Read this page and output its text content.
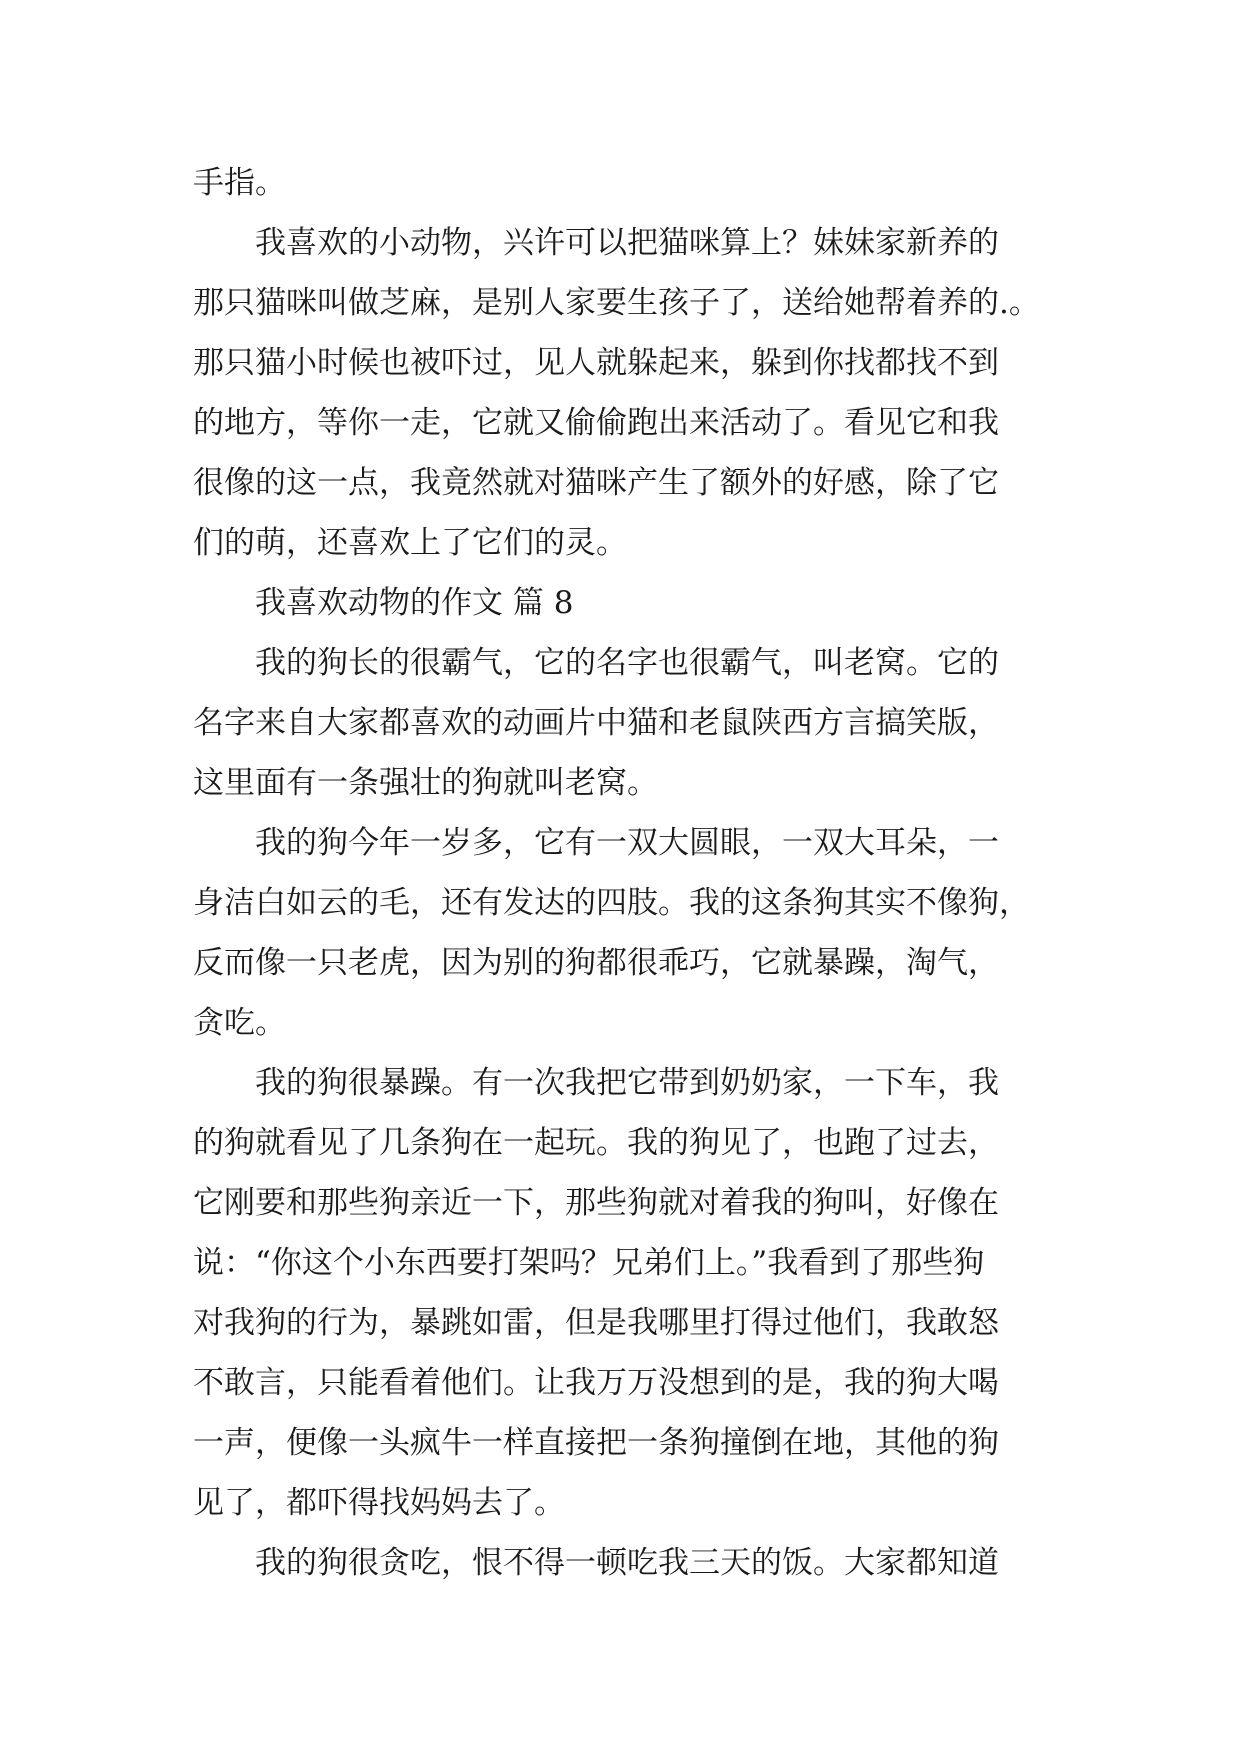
手指。
我喜欢的小动物，兴许可以把猫咪算上？妹妹家新养的
那只猫咪叫做芝麻，是别人家要生孩子了，送给她帮着养的.。
那只猫小时候也被吓过，见人就躲起来，躲到你找都找不到
的地方，等你一走，它就又偷偷跑出来活动了。看见它和我
很像的这一点，我竟然就对猫咪产生了额外的好感，除了它
们的萌，还喜欢上了它们的灵。
我喜欢动物的作文 篇 8
我的狗长的很霸气，它的名字也很霸气，叫老窝。它的
名字来自大家都喜欢的动画片中猫和老鼠陕西方言搞笑版，
这里面有一条强壮的狗就叫老窝。
我的狗今年一岁多，它有一双大圆眼，一双大耳朵，一
身洁白如云的毛，还有发达的四肢。我的这条狗其实不像狗，
反而像一只老虎，因为别的狗都很乖巧，它就暴躁，淘气，
贪吃。
我的狗很暴躁。有一次我把它带到奶奶家，一下车，我
的狗就看见了几条狗在一起玩。我的狗见了，也跑了过去，
它刚要和那些狗亲近一下，那些狗就对着我的狗叫，好像在
说：“你这个小东西要打架吗？兄弟们上。”我看到了那些狗
对我狗的行为，暴跳如雷，但是我哪里打得过他们，我敢怒
不敢言，只能看着他们。让我万万没想到的是，我的狗大喝
一声，便像一头疯牛一样直接把一条狗撞倒在地，其他的狗
见了，都吓得找妈妈去了。
我的狗很贪吃，恨不得一顿吃我三天的饭。大家都知道
